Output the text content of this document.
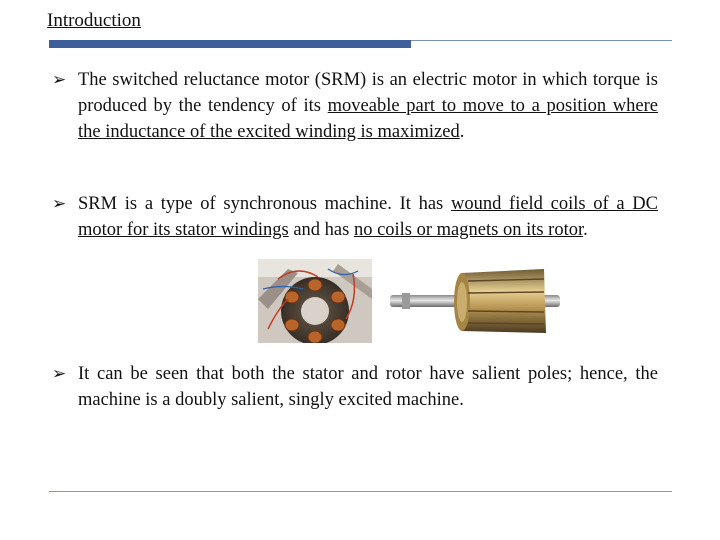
Introduction
➢ The switched reluctance motor (SRM) is an electric motor in which torque is produced by the tendency of its moveable part to move to a position where the inductance of the excited winding is maximized.
➢ SRM is a type of synchronous machine. It has wound field coils of a DC motor for its stator windings and has no coils or magnets on its rotor.
➢ It can be seen that both the stator and rotor have salient poles; hence, the machine is a doubly salient, singly excited machine.
